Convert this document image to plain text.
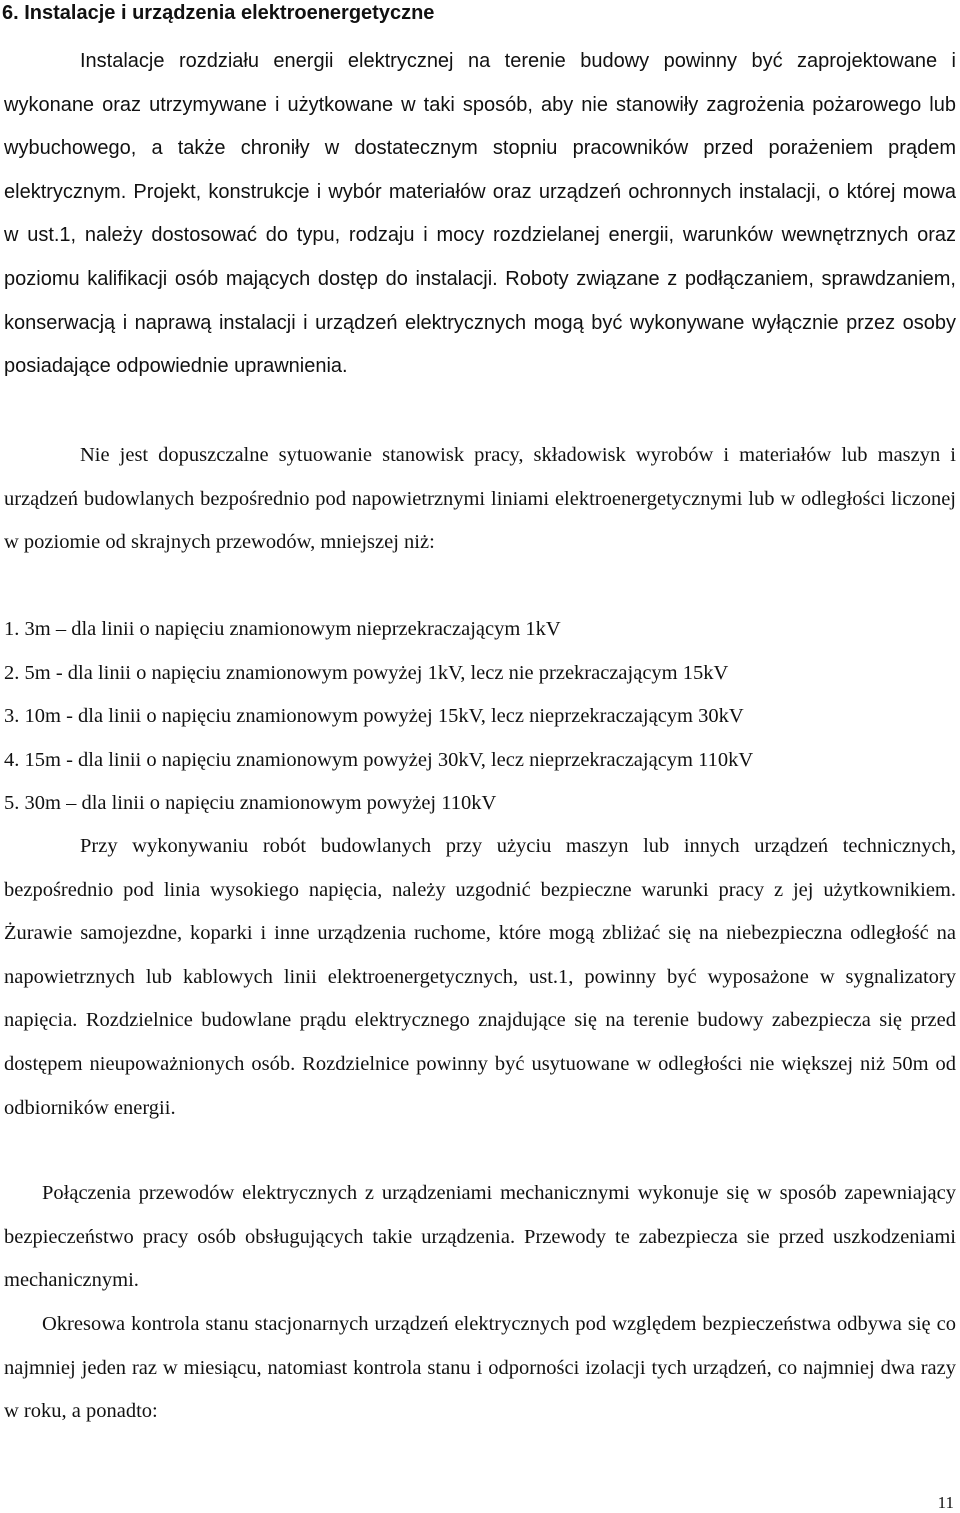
6. Instalacje i urządzenia elektroenergetyczne

Instalacje rozdziału energii elektrycznej na terenie budowy powinny być zaprojektowane i wykonane oraz utrzymywane i użytkowane w taki sposób, aby nie stanowiły zagrożenia pożarowego lub wybuchowego, a także chroniły w dostatecznym stopniu pracowników przed porażeniem prądem elektrycznym. Projekt, konstrukcje i wybór materiałów oraz urządzeń ochronnych instalacji, o której mowa w ust.1, należy dostosować do typu, rodzaju i mocy rozdzielanej energii, warunków wewnętrznych oraz poziomu kalifikacji osób mających dostęp do instalacji. Roboty związane z podłączaniem, sprawdzaniem, konserwacją i naprawą instalacji i urządzeń elektrycznych mogą być wykonywane wyłącznie przez osoby posiadające odpowiednie uprawnienia.

Nie jest dopuszczalne sytuowanie stanowisk pracy, składowisk wyrobów i materiałów lub maszyn i urządzeń budowlanych bezpośrednio pod napowietrznymi liniami elektroenergetycznymi lub w odległości liczonej w poziomie od skrajnych przewodów, mniejszej niż:

1. 3m – dla linii o napięciu znamionowym nieprzekraczającym 1kV
2. 5m - dla linii o napięciu znamionowym powyżej 1kV, lecz nie przekraczającym 15kV
3. 10m - dla linii o napięciu znamionowym powyżej 15kV, lecz nieprzekraczającym 30kV
4. 15m - dla linii o napięciu znamionowym powyżej 30kV, lecz nieprzekraczającym 110kV
5. 30m – dla linii o napięciu znamionowym powyżej 110kV

Przy wykonywaniu robót budowlanych przy użyciu maszyn lub innych urządzeń technicznych, bezpośrednio pod linia wysokiego napięcia, należy uzgodnić bezpieczne warunki pracy z jej użytkownikiem. Żurawie samojezdne, koparki i inne urządzenia ruchome, które mogą zbliżać się na niebezpieczna odległość na napowietrznych lub kablowych linii elektroenergetycznych, ust.1, powinny być wyposażone w sygnalizatory napięcia. Rozdzielnice budowlane prądu elektrycznego znajdujące się na terenie budowy zabezpiecza się przed dostępem nieupoważnionych osób. Rozdzielnice powinny być usytuowane w odległości nie większej niż 50m od odbiorników energii.

Połączenia przewodów elektrycznych z urządzeniami mechanicznymi wykonuje się w sposób zapewniający bezpieczeństwo pracy osób obsługujących takie urządzenia. Przewody te zabezpiecza sie przed uszkodzeniami mechanicznymi.

Okresowa kontrola stanu stacjonarnych urządzeń elektrycznych pod względem bezpieczeństwa odbywa się co najmniej jeden raz w miesiącu, natomiast kontrola stanu i odporności izolacji tych urządzeń, co najmniej dwa razy w roku, a ponadto:

11
